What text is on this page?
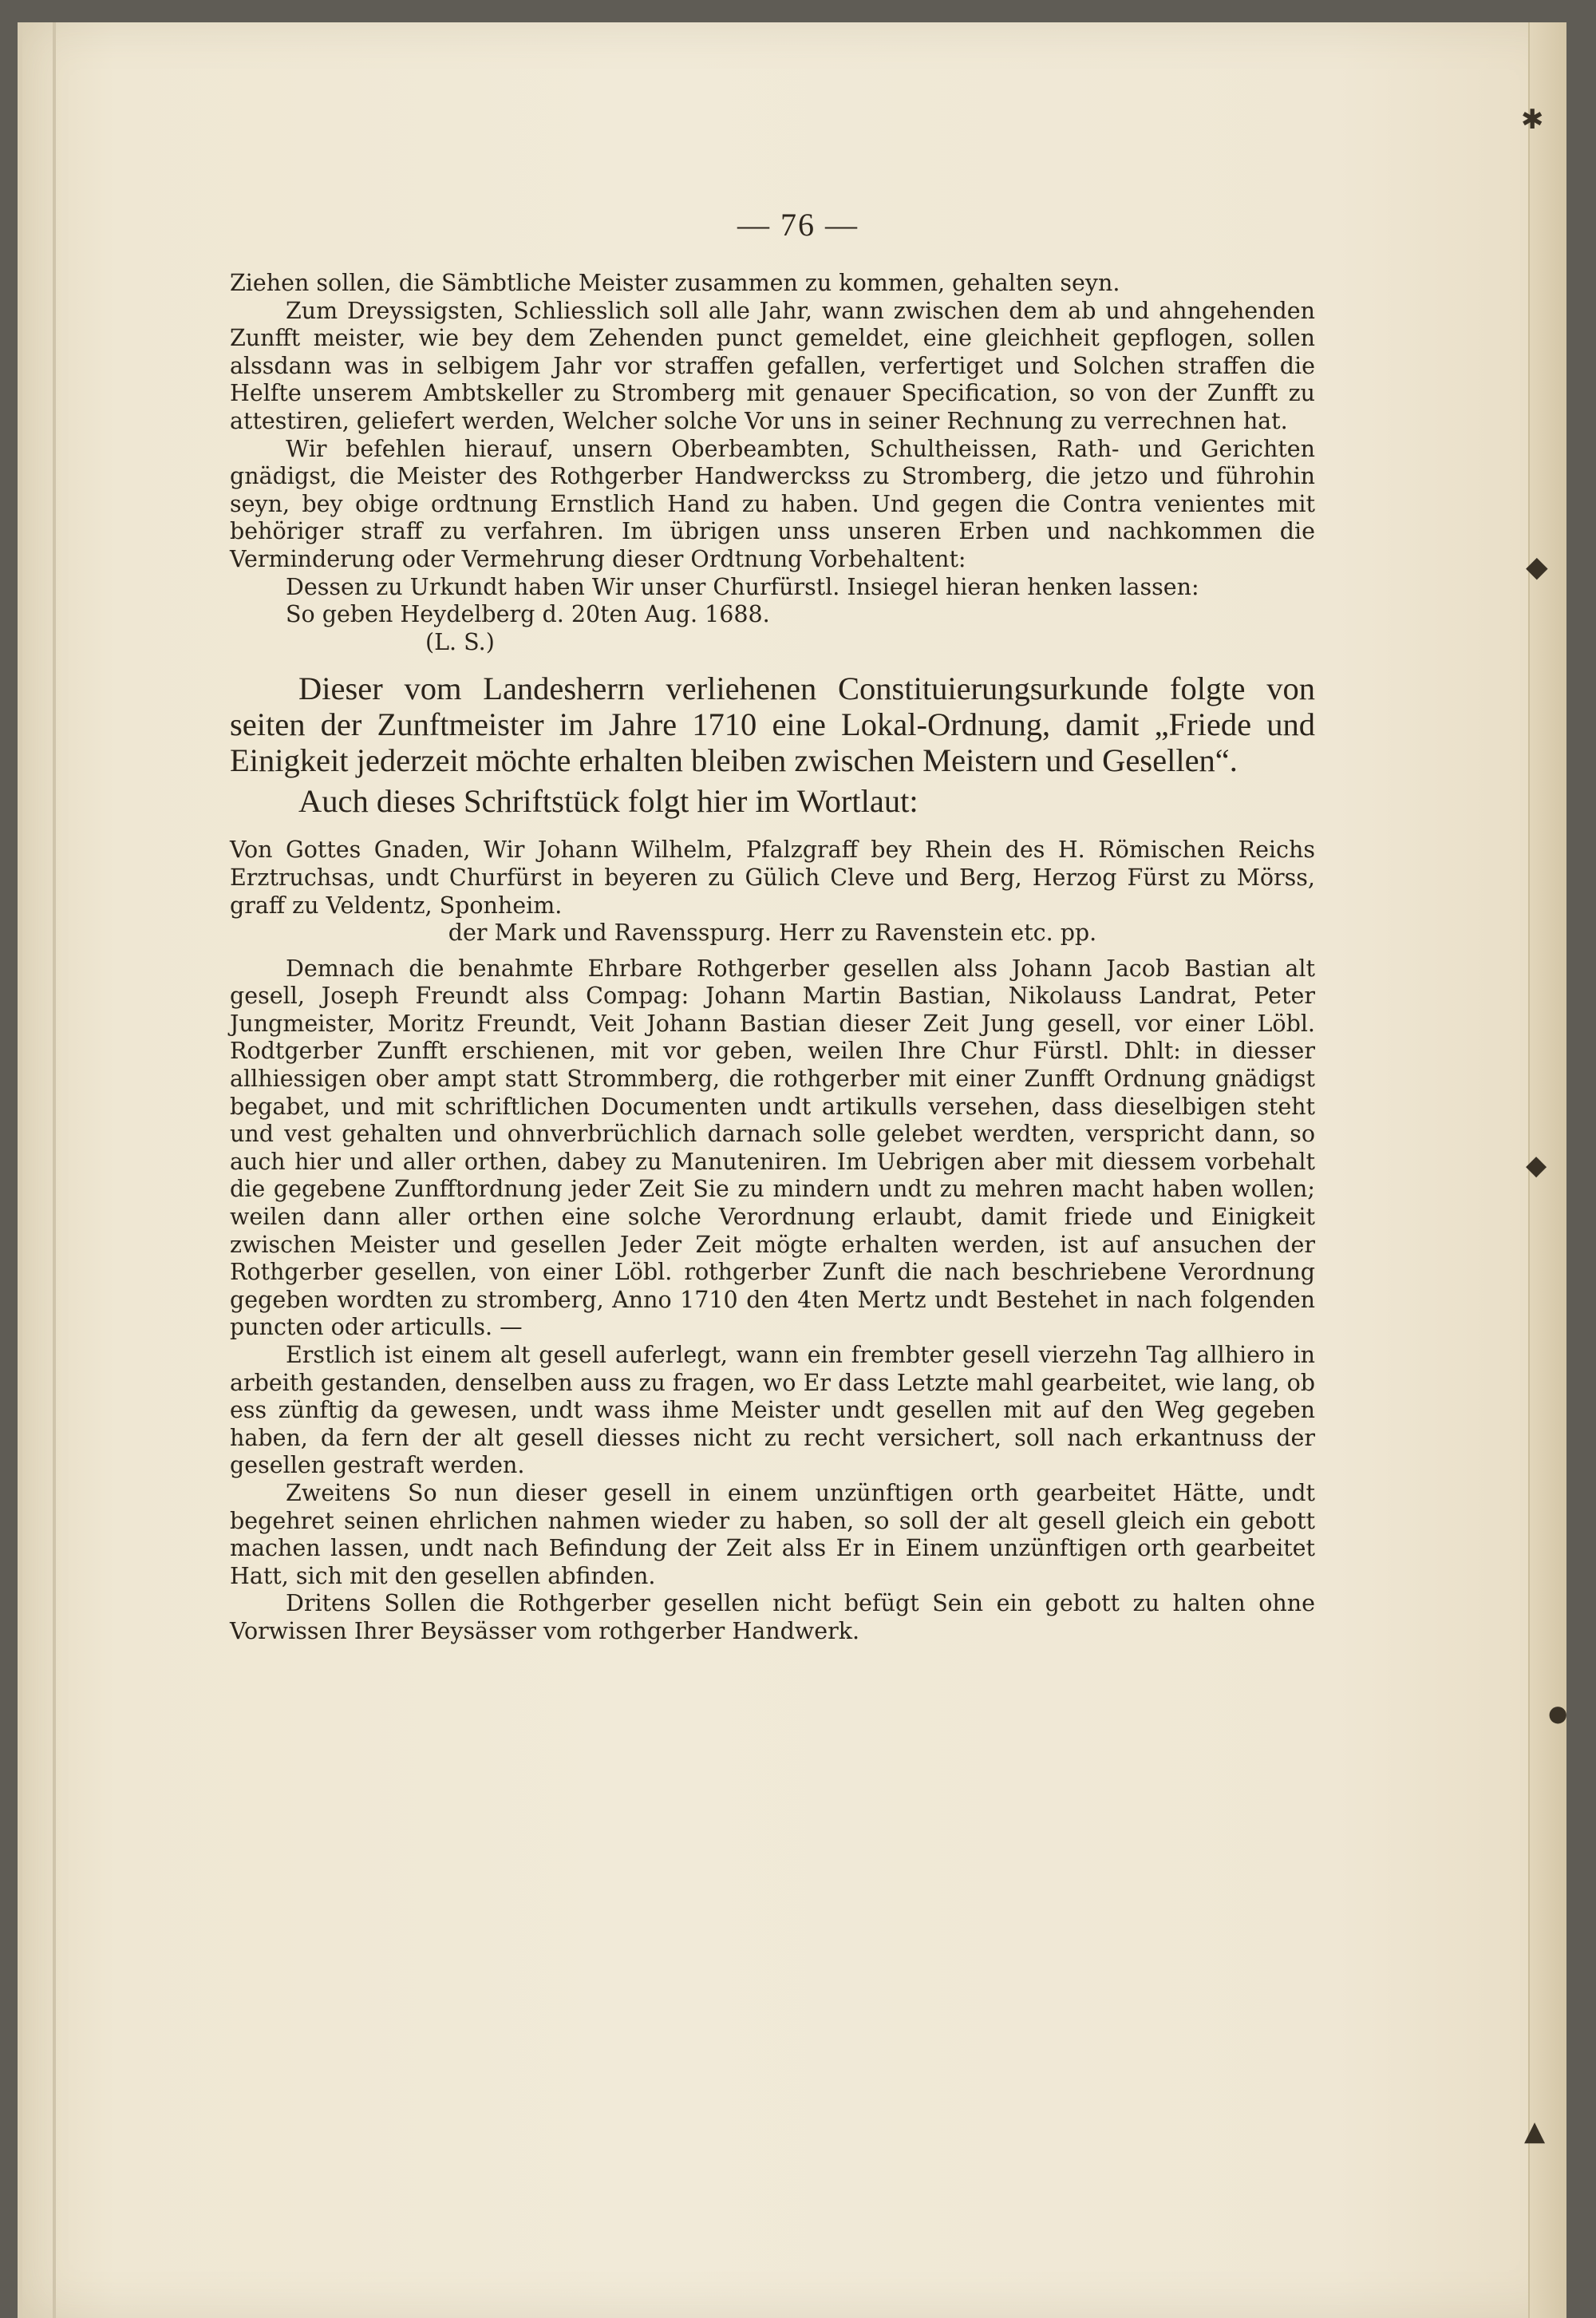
— 76 —

Ziehen sollen, die Sämbtliche Meister zusammen zu kommen, gehalten seyn.

Zum Dreyssigsten, Schliesslich soll alle Jahr, wann zwischen dem ab und ahngehenden Zunfft meister, wie bey dem Zehenden punct gemeldet, eine gleichheit gepflogen, sollen alssdann was in selbigem Jahr vor straffen gefallen, verfertiget und Solchen straffen die Helfte unserem Ambtskeller zu Stromberg mit genauer Specification, so von der Zunfft zu attestiren, geliefert werden, Welcher solche Vor uns in seiner Rechnung zu verrechnen hat.

Wir befehlen hierauf, unsern Oberbeambten, Schultheissen, Rath- und Gerichten gnädigst, die Meister des Rothgerber Handwerckss zu Stromberg, die jetzo und führohin seyn, bey obige ordtnung Ernstlich Hand zu haben. Und gegen die Contra venientes mit behöriger straff zu verfahren. Im übrigen unss unseren Erben und nachkommen die Verminderung oder Vermehrung dieser Ordtnung Vorbehaltent:

Dessen zu Urkundt haben Wir unser Churfürstl. Insiegel hieran henken lassen:

So geben Heydelberg d. 20ten Aug. 1688.

(L. S.)

Dieser vom Landesherrn verliehenen Constituierungsurkunde folgte von seiten der Zunftmeister im Jahre 1710 eine Lokal-Ordnung, damit „Friede und Einigkeit jederzeit möchte erhalten bleiben zwischen Meistern und Gesellen“.

Auch dieses Schriftstück folgt hier im Wortlaut:

Von Gottes Gnaden, Wir Johann Wilhelm, Pfalzgraff bey Rhein des H. Römischen Reichs Erztruchsas, undt Churfürst in beyeren zu Gülich Cleve und Berg, Herzog Fürst zu Mörss, graff zu Veldentz, Sponheim.

der Mark und Ravensspurg. Herr zu Ravenstein etc. pp.

Demnach die benahmte Ehrbare Rothgerber gesellen alss Johann Jacob Bastian alt gesell, Joseph Freundt alss Compag: Johann Martin Bastian, Nikolauss Landrat, Peter Jungmeister, Moritz Freundt, Veit Johann Bastian dieser Zeit Jung gesell, vor einer Löbl. Rodtgerber Zunfft erschienen, mit vor geben, weilen Ihre Chur Fürstl. Dhlt: in diesser allhiessigen ober ampt statt Strommberg, die rothgerber mit einer Zunfft Ordnung gnädigst begabet, und mit schriftlichen Documenten undt artikulls versehen, dass dieselbigen steht und vest gehalten und ohnverbrüchlich darnach solle gelebet werdten, verspricht dann, so auch hier und aller orthen, dabey zu Manuteniren. Im Uebrigen aber mit diessem vorbehalt die gegebene Zunfftordnung jeder Zeit Sie zu mindern undt zu mehren macht haben wollen; weilen dann aller orthen eine solche Verordnung erlaubt, damit friede und Einigkeit zwischen Meister und gesellen Jeder Zeit mögte erhalten werden, ist auf ansuchen der Rothgerber gesellen, von einer Löbl. rothgerber Zunft die nach beschriebene Verordnung gegeben wordten zu stromberg, Anno 1710 den 4ten Mertz undt Bestehet in nach folgenden puncten oder articulls. —

Erstlich ist einem alt gesell auferlegt, wann ein frembter gesell vierzehn Tag allhiero in arbeith gestanden, denselben auss zu fragen, wo Er dass Letzte mahl gearbeitet, wie lang, ob ess zünftig da gewesen, undt wass ihme Meister undt gesellen mit auf den Weg gegeben haben, da fern der alt gesell diesses nicht zu recht versichert, soll nach erkantnuss der gesellen gestraft werden.

Zweitens So nun dieser gesell in einem unzünftigen orth gearbeitet Hätte, undt begehret seinen ehrlichen nahmen wieder zu haben, so soll der alt gesell gleich ein gebott machen lassen, undt nach Befindung der Zeit alss Er in Einem unzünftigen orth gearbeitet Hatt, sich mit den gesellen abfinden.

Dritens Sollen die Rothgerber gesellen nicht befügt Sein ein gebott zu halten ohne Vorwissen Ihrer Beysässer vom rothgerber Handwerk.

✱
◆
◆
●
▲
